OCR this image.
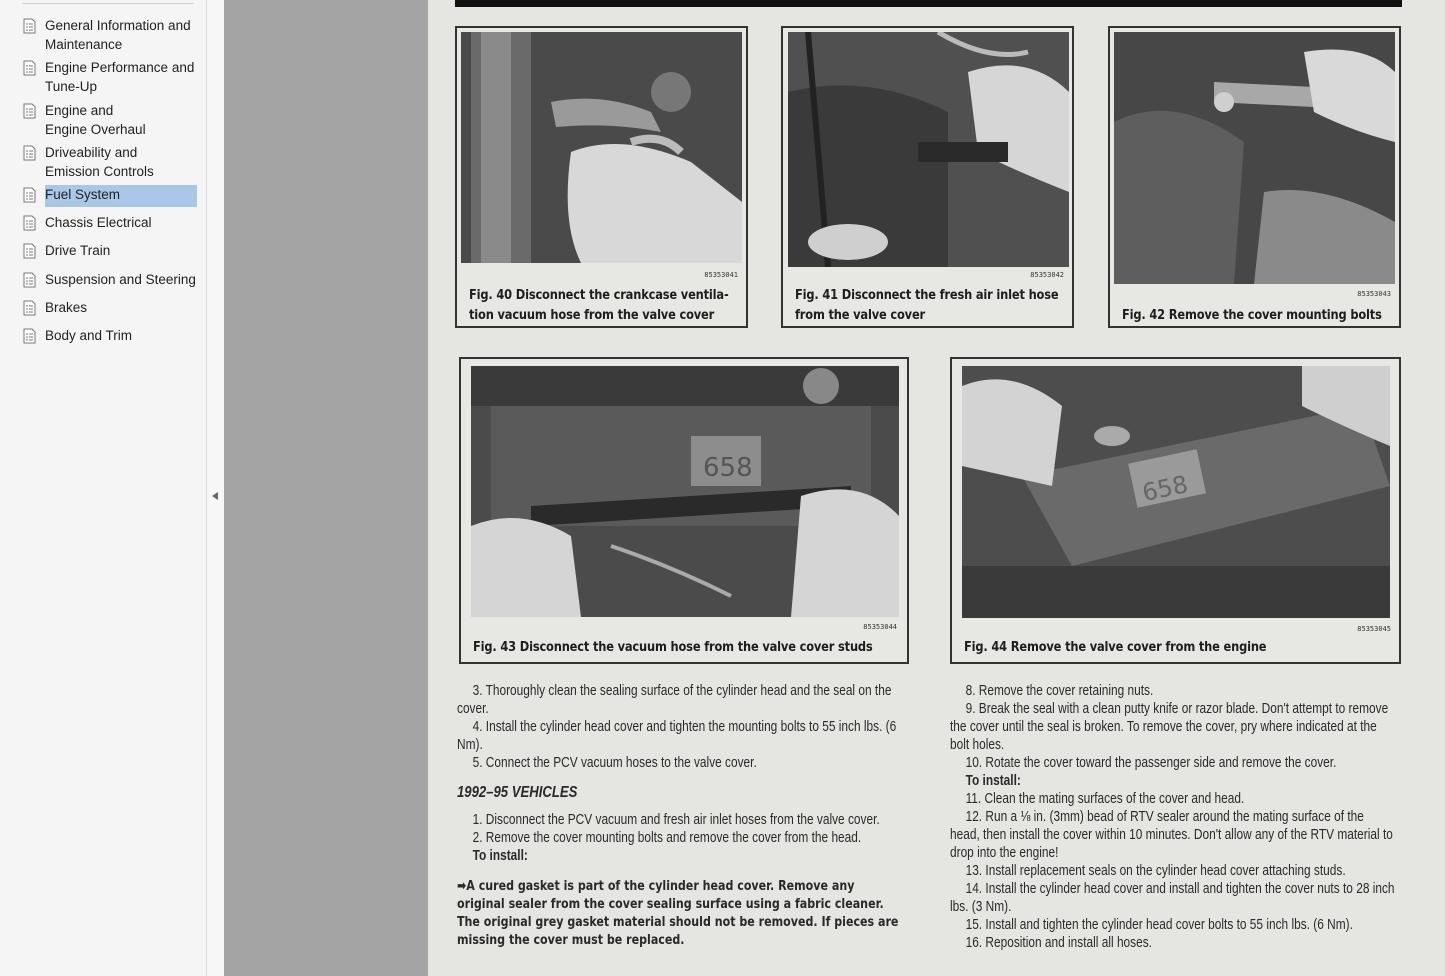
General Information and
Maintenance
Engine Performance and
Tune-Up
Engine and
Engine Overhaul
Driveability and
Emission Controls
Fuel System
Chassis Electrical
Drive Train
Suspension and Steering
Brakes
Body and Trim
85353041
Fig. 40 Disconnect the crankcase ventila-
tion vacuum hose from the valve cover
85353042
Fig. 41 Disconnect the fresh air inlet hose
from the valve cover
85353043
Fig. 42 Remove the cover mounting bolts
658
85353044
Fig. 43 Disconnect the vacuum hose from the valve cover studs
658
85353045
Fig. 44 Remove the valve cover from the engine

3. Thoroughly clean the sealing surface of the cylinder head and the seal on the cover.

4. Install the cylinder head cover and tighten the mounting bolts to 55 inch lbs. (6 Nm).

5. Connect the PCV vacuum hoses to the valve cover.

1992–95 VEHICLES

1. Disconnect the PCV vacuum and fresh air inlet hoses from the valve cover.

2. Remove the cover mounting bolts and remove the cover from the head.

To install:

➡A cured gasket is part of the cylinder head cover. Remove any original sealer from the cover sealing surface using a fabric cleaner. The original grey gasket material should not be removed. If pieces are missing the cover must be replaced.

8. Remove the cover retaining nuts.

9. Break the seal with a clean putty knife or razor blade. Don't attempt to remove the cover until the seal is broken. To remove the cover, pry where indicated at the bolt holes.

10. Rotate the cover toward the passenger side and remove the cover.

To install:

11. Clean the mating surfaces of the cover and head.

12. Run a ⅛ in. (3mm) bead of RTV sealer around the mating surface of the head, then install the cover within 10 minutes. Don't allow any of the RTV material to drop into the engine!

13. Install replacement seals on the cylinder head cover attaching studs.

14. Install the cylinder head cover and install and tighten the cover nuts to 28 inch lbs. (3 Nm).

15. Install and tighten the cylinder head cover bolts to 55 inch lbs. (6 Nm).

16. Reposition and install all hoses.
